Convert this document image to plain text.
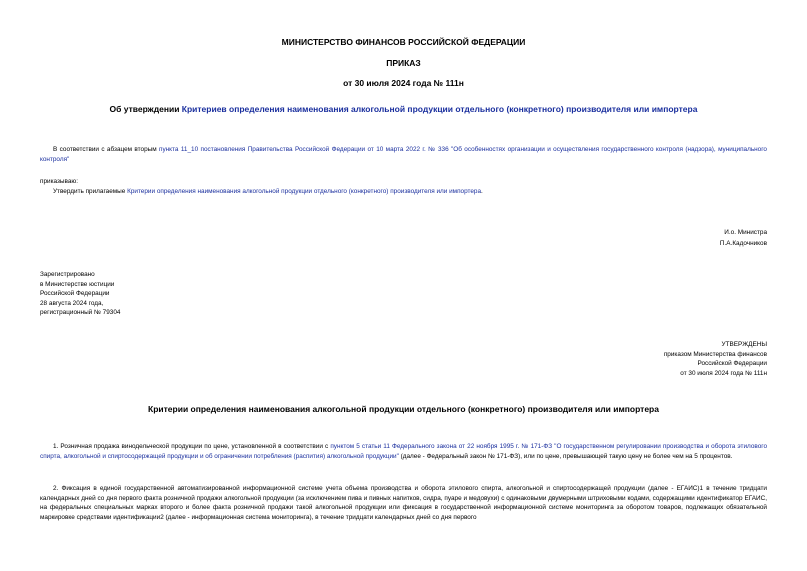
МИНИСТЕРСТВО ФИНАНСОВ РОССИЙСКОЙ ФЕДЕРАЦИИ
ПРИКАЗ
от 30 июля 2024 года № 111н
Об утверждении Критериев определения наименования алкогольной продукции отдельного (конкретного) производителя или импортера
В соответствии с абзацем вторым пункта 11_10 постановления Правительства Российской Федерации от 10 марта 2022 г. № 336 "Об особенностях организации и осуществления государственного контроля (надзора), муниципального контроля"
приказываю:
Утвердить прилагаемые Критерии определения наименования алкогольной продукции отдельного (конкретного) производителя или импортера.
И.о. Министра
П.А.Кадочников
Зарегистрировано
в Министерстве юстиции
Российской Федерации
28 августа 2024 года,
регистрационный № 79304
УТВЕРЖДЕНЫ
приказом Министерства финансов
Российской Федерации
от 30 июля 2024 года № 111н
Критерии определения наименования алкогольной продукции отдельного (конкретного) производителя или импортера
1. Розничная продажа винодельческой продукции по цене, установленной в соответствии с пунктом 5 статьи 11 Федерального закона от 22 ноября 1995 г. № 171-ФЗ "О государственном регулировании производства и оборота этилового спирта, алкогольной и спиртосодержащей продукции и об ограничении потребления (распития) алкогольной продукции" (далее - Федеральный закон № 171-ФЗ), или по цене, превышающей такую цену не более чем на 5 процентов.
2. Фиксация в единой государственной автоматизированной информационной системе учета объема производства и оборота этилового спирта, алкогольной и спиртосодержащей продукции (далее - ЕГАИС)1 в течение тридцати календарных дней со дня первого факта розничной продажи алкогольной продукции (за исключением пива и пивных напитков, сидра, пуаре и медовухи) с одинаковыми двумерными штриховыми кодами, содержащими идентификатор ЕГАИС, на федеральных специальных марках второго и более факта розничной продажи такой алкогольной продукции или фиксация в государственной информационной системе мониторинга за оборотом товаров, подлежащих обязательной маркировке средствами идентификации2 (далее - информационная система мониторинга), в течение тридцати календарных дней со дня первого
